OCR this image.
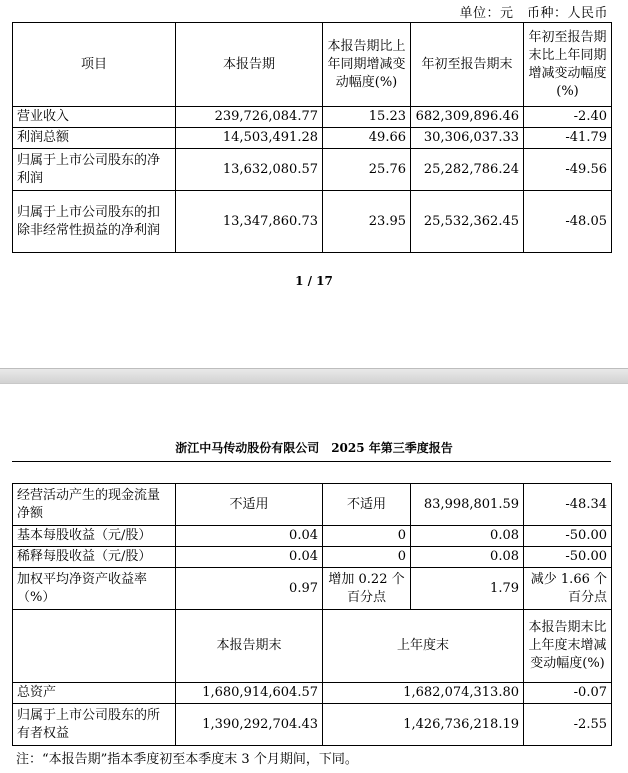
单位：元　币种：人民币
项目	本报告期	本报告期比上年同期增减变动幅度(%)	年初至报告期末	年初至报告期末比上年同期增减变动幅度(%)
营业收入	239,726,084.77	15.23	682,309,896.46	-2.40
利润总额	14,503,491.28	49.66	30,306,037.33	-41.79
归属于上市公司股东的净利润	13,632,080.57	25.76	25,282,786.24	-49.56
归属于上市公司股东的扣除非经常性损益的净利润	13,347,860.73	23.95	25,532,362.45	-48.05
1 / 17
浙江中马传动股份有限公司　2025 年第三季度报告
经营活动产生的现金流量净额	不适用	不适用	83,998,801.59	-48.34
基本每股收益（元/股）	0.04	0	0.08	-50.00
稀释每股收益（元/股）	0.04	0	0.08	-50.00
加权平均净资产收益率（%）	0.97	增加 0.22 个百分点	1.79	减少 1.66 个百分点
	本报告期末	上年度末		本报告期末比上年度末增减变动幅度(%)
总资产	1,680,914,604.57	1,682,074,313.80		-0.07
归属于上市公司股东的所有者权益	1,390,292,704.43	1,426,736,218.19		-2.55
注：“本报告期”指本季度初至本季度末 3 个月期间，下同。
